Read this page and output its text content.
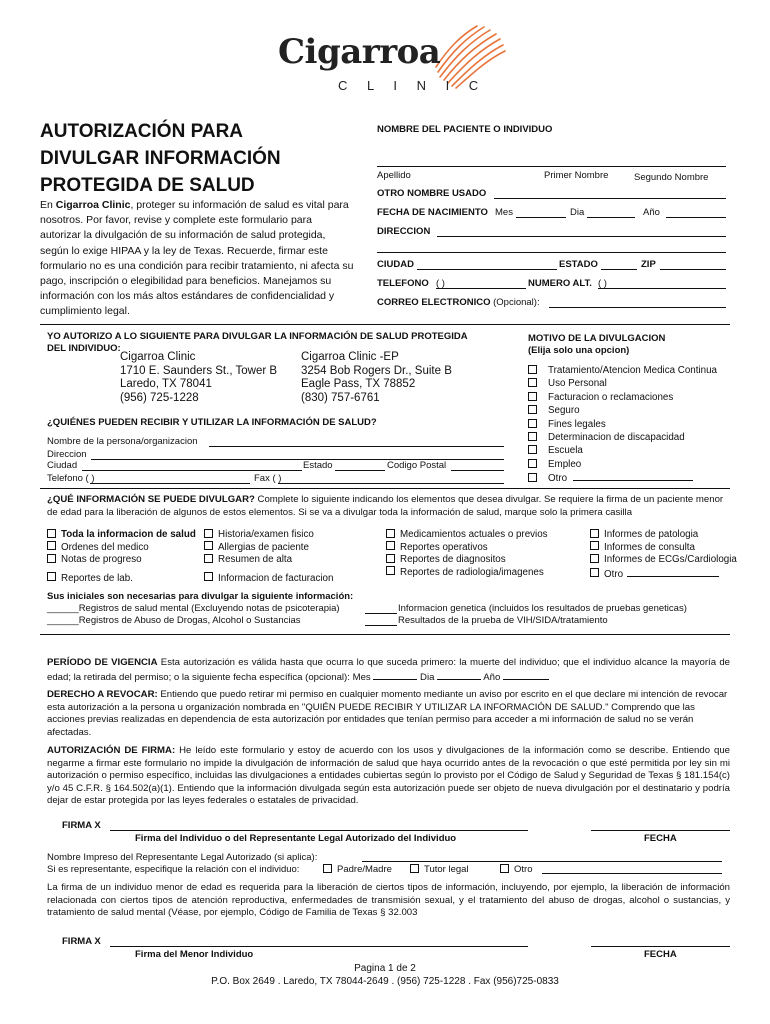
Cigarroa
C L I N I C
AUTORIZACIÓN PARA
DIVULGAR INFORMACIÓN
PROTEGIDA DE SALUD
En Cigarroa Clinic, proteger su información de salud es vital para nosotros. Por favor, revise y complete este formulario para autorizar la divulgación de su información de salud protegida, según lo exige HIPAA y la ley de Texas. Recuerde, firmar este formulario no es una condición para recibir tratamiento, ni afecta su pago, inscripción o elegibilidad para beneficios. Manejamos su información con los más altos estándares de confidencialidad y cumplimiento legal.
NOMBRE DEL PACIENTE O INDIVIDUO
Apellido	Primer Nombre	Segundo Nombre
OTRO NOMBRE USADO
FECHA DE NACIMIENTO Mes	Dia	Año
DIRECCION
CIUDAD	ESTADO	ZIP
TELEFONO ( )	NUMERO ALT. ( )
CORREO ELECTRONICO (Opcional):
YO AUTORIZO A LO SIGUIENTE PARA DIVULGAR LA INFORMACIÓN DE SALUD PROTEGIDA
DEL INDIVIDUO:
Cigarroa Clinic
1710 E. Saunders St., Tower B
Laredo, TX 78041
(956) 725-1228
Cigarroa Clinic -EP
3254 Bob Rogers Dr., Suite B
Eagle Pass, TX 78852
(830) 757-6761
¿QUIÉNES PUEDEN RECIBIR Y UTILIZAR LA INFORMACIÓN DE SALUD?
Nombre de la persona/organizacion
Direccion
Ciudad	Estado	Codigo Postal
Telefono ( )	Fax ( )
MOTIVO DE LA DIVULGACION
(Elija solo una opcion)
Tratamiento/Atencion Medica Continua
Uso Personal
Facturacion o reclamaciones
Seguro
Fines legales
Determinacion de discapacidad
Escuela
Empleo
Otro
¿QUÉ INFORMACIÓN SE PUEDE DIVULGAR? Complete lo siguiente indicando los elementos que desea divulgar. Se requiere la firma de un paciente menor de edad para la liberación de algunos de estos elementos. Si se va a divulgar toda la información de salud, marque solo la primera casilla
Toda la informacion de salud
Ordenes del medico
Notas de progreso
Reportes de lab.
Historia/examen fisico
Allergias de paciente
Resumen de alta
Informacion de facturacion
Medicamientos actuales o previos
Reportes operativos
Reportes de diagnositos
Reportes de radiologia/imagenes
Informes de patologia
Informes de consulta
Informes de ECGs/Cardiologia
Otro
Sus iniciales son necesarias para divulgar la siguiente información:
______Registros de salud mental (Excluyendo notas de psicoterapia)
______Registros de Abuso de Drogas, Alcohol o Sustancias
Informacion genetica (incluidos los resultados de pruebas geneticas)
Resultados de la prueba de VIH/SIDA/tratamiento
PERÍODO DE VIGENCIA Esta autorización es válida hasta que ocurra lo que suceda primero: la muerte del individuo; que el individuo alcance la mayoría de edad; la retirada del permiso; o la siguiente fecha específica (opcional): Mes	Dia	Año
DERECHO A REVOCAR: Entiendo que puedo retirar mi permiso en cualquier momento mediante un aviso por escrito en el que declare mi intención de revocar esta autorización a la persona u organización nombrada en "QUIÉN PUEDE RECIBIR Y UTILIZAR LA INFORMACIÓN DE SALUD." Comprendo que las acciones previas realizadas en dependencia de esta autorización por entidades que tenían permiso para acceder a mi información de salud no se verán afectadas.
AUTORIZACIÓN DE FIRMA: He leído este formulario y estoy de acuerdo con los usos y divulgaciones de la información como se describe. Entiendo que negarme a firmar este formulario no impide la divulgación de información de salud que haya ocurrido antes de la revocación o que esté permitida por ley sin mi autorización o permiso específico, incluidas las divulgaciones a entidades cubiertas según lo provisto por el Código de Salud y Seguridad de Texas § 181.154(c) y/o 45 C.F.R. § 164.502(a)(1). Entiendo que la información divulgada según esta autorización puede ser objeto de nueva divulgación por el destinatario y podría dejar de estar protegida por las leyes federales o estatales de privacidad.
FIRMA X
Firma del Individuo o del Representante Legal Autorizado del Individuo	FECHA
Nombre Impreso del Representante Legal Autorizado (si aplica):
Si es representante, especifique la relación con el individuo:	Padre/Madre	Tutor legal	Otro
La firma de un individuo menor de edad es requerida para la liberación de ciertos tipos de información, incluyendo, por ejemplo, la liberación de información relacionada con ciertos tipos de atención reproductiva, enfermedades de transmisión sexual, y el tratamiento del abuso de drogas, alcohol o sustancias, y tratamiento de salud mental (Véase, por ejemplo, Código de Familia de Texas § 32.003
FIRMA X
Firma del Menor Individuo	FECHA
Pagina 1 de 2
P.O. Box 2649 . Laredo, TX 78044-2649 . (956) 725-1228 . Fax (956)725-0833
